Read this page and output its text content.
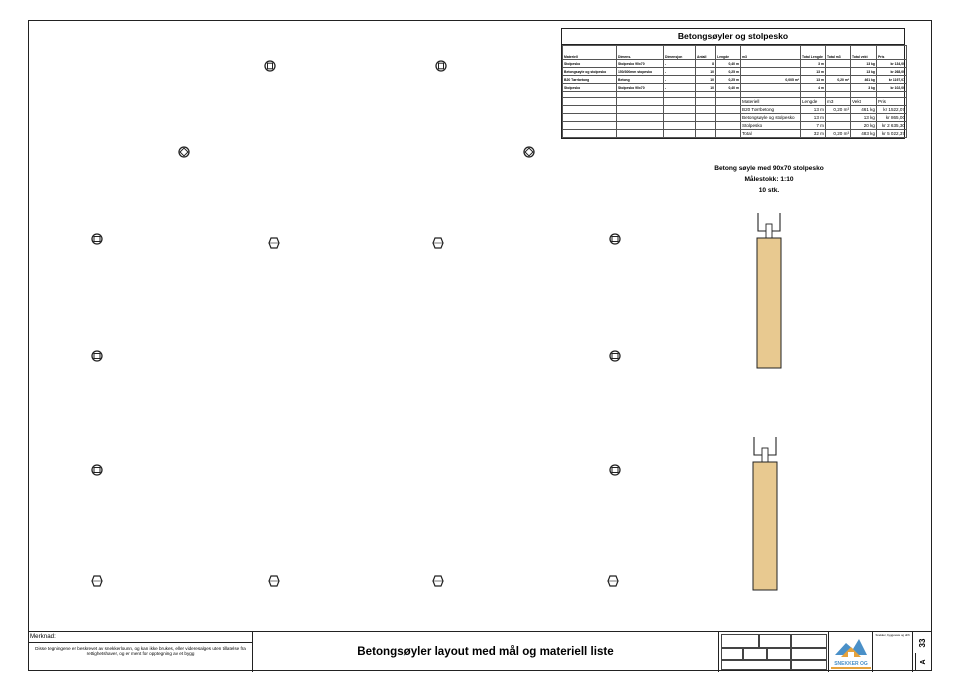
Betongsøyler og stolpesko
Materiell	Dimens.	Dimensjon	Antall	Lengde	m3	Total Lengde	Total m3	Total vekt	Pris
Stolpesko	Stolpesko 90x70	-	8	0,40 m		3 m		13 kg	kr 134,00
Betongsøyle og stolpesko	150/300mm stopesko	-	10	0,25 m		13 m		13 kg	kr 268,00
B20 Tørrbetong	Betong	-	10	0,25 m	0,005 m³	13 m	0,20 m³	461 kg	kr 1197,07
Stolpesko	Stolpesko 90x70	-	10	0,40 m		4 m		3 kg	kr 102,00

					Materiell	Lengde	m3	Vekt	Pris
					B20 Tørrbetong	13 m	0,20 m³	461 kg	kr 1522,07
					Betongsøyle og stolpesko	13 m		13 kg	kr 865,00
					Stolpesko	7 m		20 kg	kr 2 635,30
					Total	32 m	0,20 m³	483 kg	kr 5 022,37
Betong søyle med 90x70 stolpesko
Målestokk: 1:10
10 stk.
Merknad:
Disse tegningene er beskrevet av snekkerlounn, og kan ikke brukes, eller videresalges uten tillatelse fra rettighetshaver, og er ment for opptegning av et bygg	Betongsøyler layout med mål og materiell liste
SNEKKER OG
Snekker, byggevare og drift
33
A
